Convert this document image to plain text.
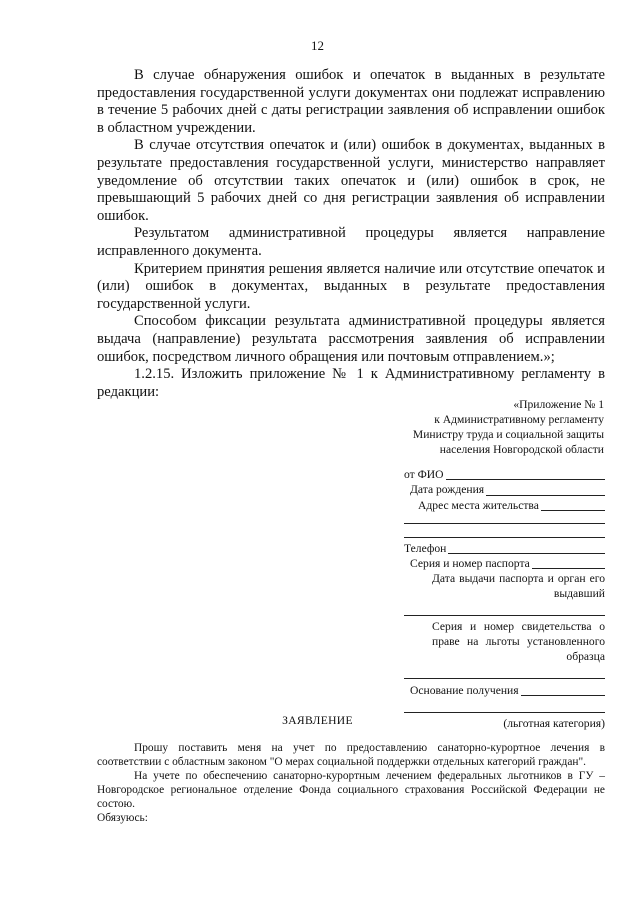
12

В случае обнаружения ошибок и опечаток в выданных в результате предоставления государственной услуги документах они подлежат исправлению в течение 5 рабочих дней с даты регистрации заявления об исправлении ошибок в областном учреждении.

В случае отсутствия опечаток и (или) ошибок в документах, выданных в результате предоставления государственной услуги, министерство направляет уведомление об отсутствии таких опечаток и (или) ошибок в срок, не превышающий 5 рабочих дней со дня регистрации заявления об исправлении ошибок.

Результатом административной процедуры является направление исправленного документа.

Критерием принятия решения является наличие или отсутствие опечаток и (или) ошибок в документах, выданных в результате предоставления государственной услуги.

Способом фиксации результата административной процедуры является выдача (направление) результата рассмотрения заявления об исправлении ошибок, посредством личного обращения или почтовым отправлением.»;

1.2.15. Изложить приложение № 1 к Административному регламенту в редакции:

«Приложение № 1
к Административному регламенту
Министру труда и социальной защиты
населения Новгородской области
от ФИО
Дата рождения
Адрес места жительства
Телефон
Серия и номер паспорта
Дата выдачи паспорта и орган его выдавший
Серия и номер свидетельства о праве на льготы установленного образца
Основание получения
(льготная категория)
ЗАЯВЛЕНИЕ

Прошу поставить меня на учет по предоставлению санаторно-курортное лечения в соответствии с областным законом "О мерах социальной поддержки отдельных категорий граждан".

На учете по обеспечению санаторно-курортным лечением федеральных льготников в ГУ – Новгородское региональное отделение Фонда социального страхования Российской Федерации не состою.

Обязуюсь:
